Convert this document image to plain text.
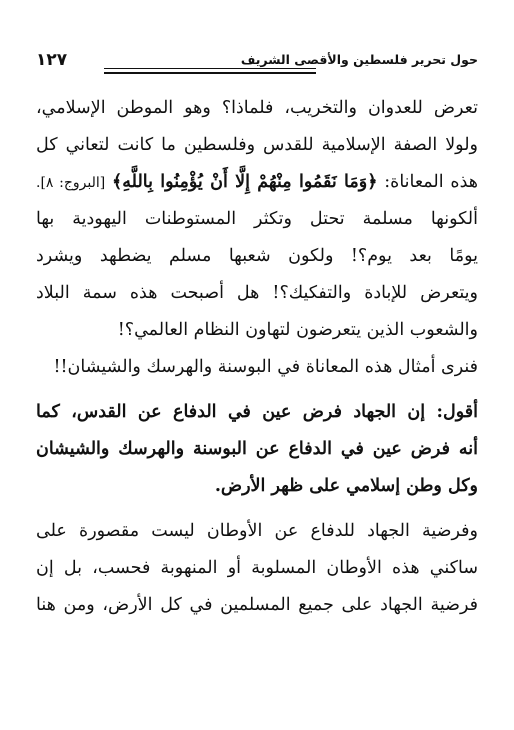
حول تحرير فلسطين والأقصى الشريف
١٢٧
تعرض للعدوان والتخريب، فلماذا؟ وهو الموطن الإسلامي،
ولولا الصفة الإسلامية للقدس وفلسطين ما كانت لتعاني كل
هذه المعاناة: ﴿وَمَا نَقَمُوا مِنْهُمْ إِلَّا أَنْ يُؤْمِنُوا بِاللَّهِ﴾ [البروج: ٨].
ألكونها مسلمة تحتل وتكثر المستوطنات اليهودية بها
يومًا بعد يوم؟! ولكون شعبها مسلم يضطهد ويشرد
ويتعرض للإبادة والتفكيك؟! هل أصبحت هذه سمة البلاد
والشعوب الذين يتعرضون لتهاون النظام العالمي؟!
فنرى أمثال هذه المعاناة في البوسنة والهرسك والشيشان!!
أقول: إن الجهاد فرض عين في الدفاع عن القدس، كما
أنه فرض عين في الدفاع عن البوسنة والهرسك والشيشان
وكل وطن إسلامي على ظهر الأرض.
وفرضية الجهاد للدفاع عن الأوطان ليست مقصورة على
ساكني هذه الأوطان المسلوبة أو المنهوبة فحسب، بل إن
فرضية الجهاد على جميع المسلمين في كل الأرض، ومن هنا
